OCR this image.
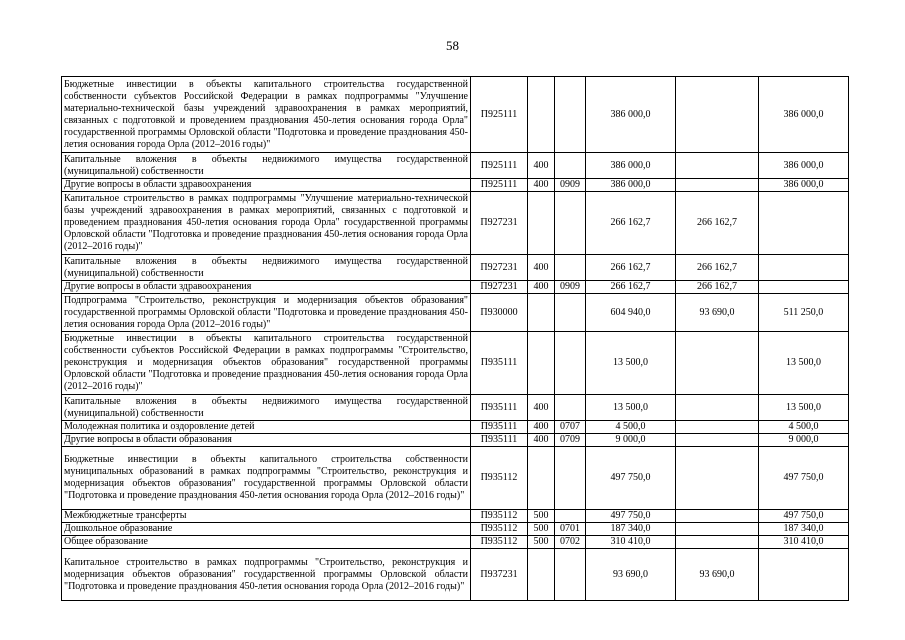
58
Бюджетные инвестиции в объекты капитального строительства государственной собственности субъектов Российской Федерации в рамках подпрограммы "Улучшение материально-технической базы учреждений здравоохранения в рамках мероприятий, связанных с подготовкой и проведением празднования 450-летия основания города Орла" государственной программы Орловской области "Подготовка и проведение празднования 450-летия основания города Орла (2012–2016 годы)"	П925111			386 000,0		386 000,0
Капитальные вложения в объекты недвижимого имущества государственной (муниципальной) собственности	П925111	400		386 000,0		386 000,0
Другие вопросы в области здравоохранения	П925111	400	0909	386 000,0		386 000,0
Капитальное строительство в рамках подпрограммы "Улучшение материально-технической базы учреждений здравоохранения в рамках мероприятий, связанных с подготовкой и проведением празднования 450-летия основания города Орла" государственной программы Орловской области "Подготовка и проведение празднования 450-летия основания города Орла (2012–2016 годы)"	П927231			266 162,7	266 162,7	
Капитальные вложения в объекты недвижимого имущества государственной (муниципальной) собственности	П927231	400		266 162,7	266 162,7	
Другие вопросы в области здравоохранения	П927231	400	0909	266 162,7	266 162,7	
Подпрограмма "Строительство, реконструкция и модернизация объектов образования" государственной программы Орловской области "Подготовка и проведение празднования 450-летия основания города Орла (2012–2016 годы)"	П930000			604 940,0	93 690,0	511 250,0
Бюджетные инвестиции в объекты капитального строительства государственной собственности субъектов Российской Федерации в рамках подпрограммы "Строительство, реконструкция и модернизация объектов образования" государственной программы Орловской области "Подготовка и проведение празднования 450-летия основания города Орла (2012–2016 годы)"	П935111			13 500,0		13 500,0
Капитальные вложения в объекты недвижимого имущества государственной (муниципальной) собственности	П935111	400		13 500,0		13 500,0
Молодежная политика и оздоровление детей	П935111	400	0707	4 500,0		4 500,0
Другие вопросы в области образования	П935111	400	0709	9 000,0		9 000,0
Бюджетные инвестиции в объекты капитального строительства собственности муниципальных образований в рамках подпрограммы "Строительство, реконструкция и модернизация объектов образования" государственной программы Орловской области "Подготовка и проведение празднования 450-летия основания города Орла (2012–2016 годы)"	П935112			497 750,0		497 750,0
Межбюджетные трансферты	П935112	500		497 750,0		497 750,0
Дошкольное образование	П935112	500	0701	187 340,0		187 340,0
Общее образование	П935112	500	0702	310 410,0		310 410,0
Капитальное строительство в рамках подпрограммы "Строительство, реконструкция и модернизация объектов образования" государственной программы Орловской области "Подготовка и проведение празднования 450-летия основания города Орла (2012–2016 годы)"	П937231			93 690,0	93 690,0	
